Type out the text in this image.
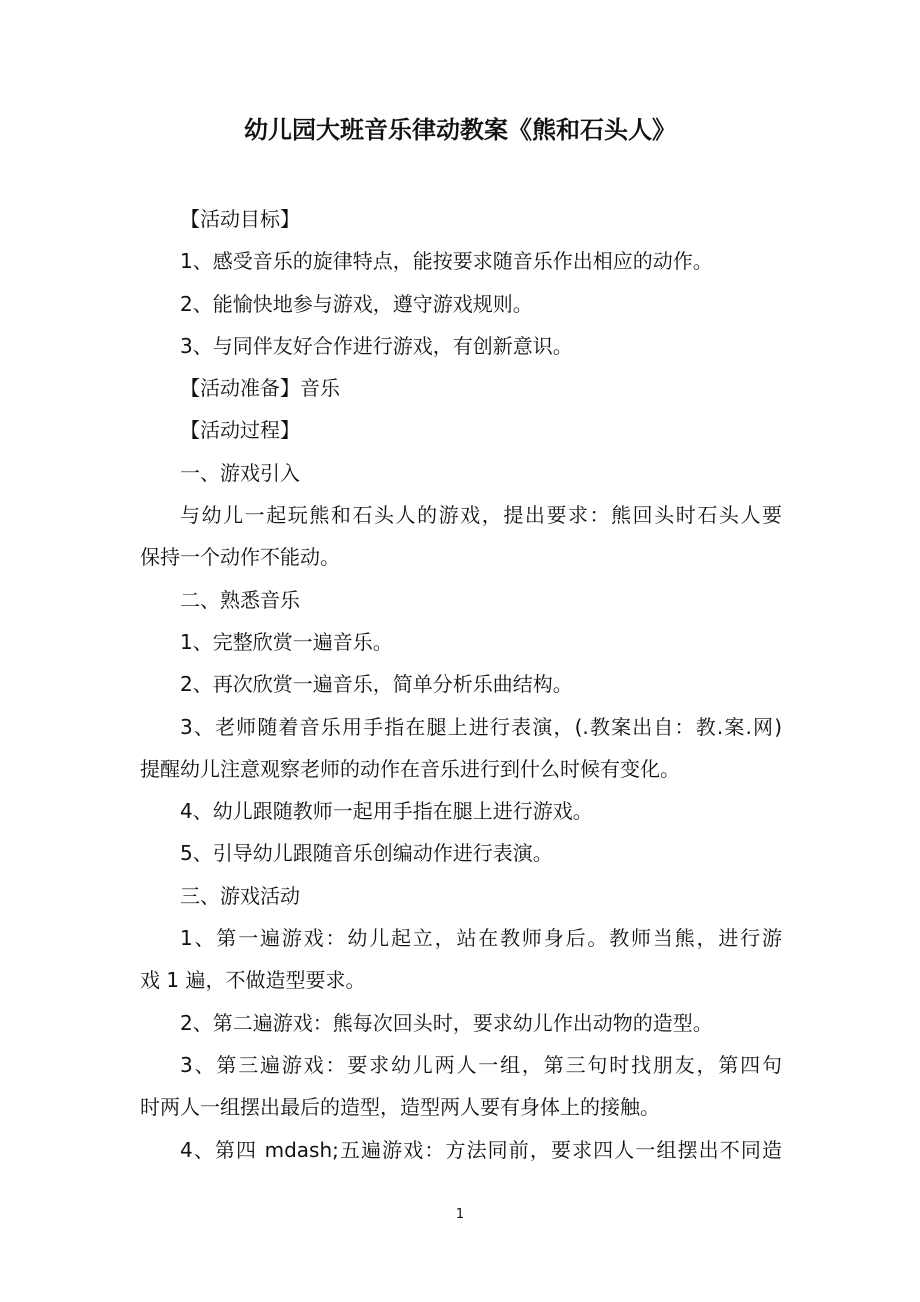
幼儿园大班音乐律动教案《熊和石头人》
【活动目标】
1、感受音乐的旋律特点，能按要求随音乐作出相应的动作。
2、能愉快地参与游戏，遵守游戏规则。
3、与同伴友好合作进行游戏，有创新意识。
【活动准备】音乐
【活动过程】
一、游戏引入
与幼儿一起玩熊和石头人的游戏，提出要求：熊回头时石头人要
保持一个动作不能动。
二、熟悉音乐
1、完整欣赏一遍音乐。
2、再次欣赏一遍音乐，简单分析乐曲结构。
3、老师随着音乐用手指在腿上进行表演，(.教案出自：教.案.网)
提醒幼儿注意观察老师的动作在音乐进行到什么时候有变化。
4、幼儿跟随教师一起用手指在腿上进行游戏。
5、引导幼儿跟随音乐创编动作进行表演。
三、游戏活动
1、第一遍游戏：幼儿起立，站在教师身后。教师当熊，进行游
戏 1 遍，不做造型要求。
2、第二遍游戏：熊每次回头时，要求幼儿作出动物的造型。
3、第三遍游戏：要求幼儿两人一组，第三句时找朋友，第四句
时两人一组摆出最后的造型，造型两人要有身体上的接触。
4、第四 mdash;五遍游戏：方法同前，要求四人一组摆出不同造
1
